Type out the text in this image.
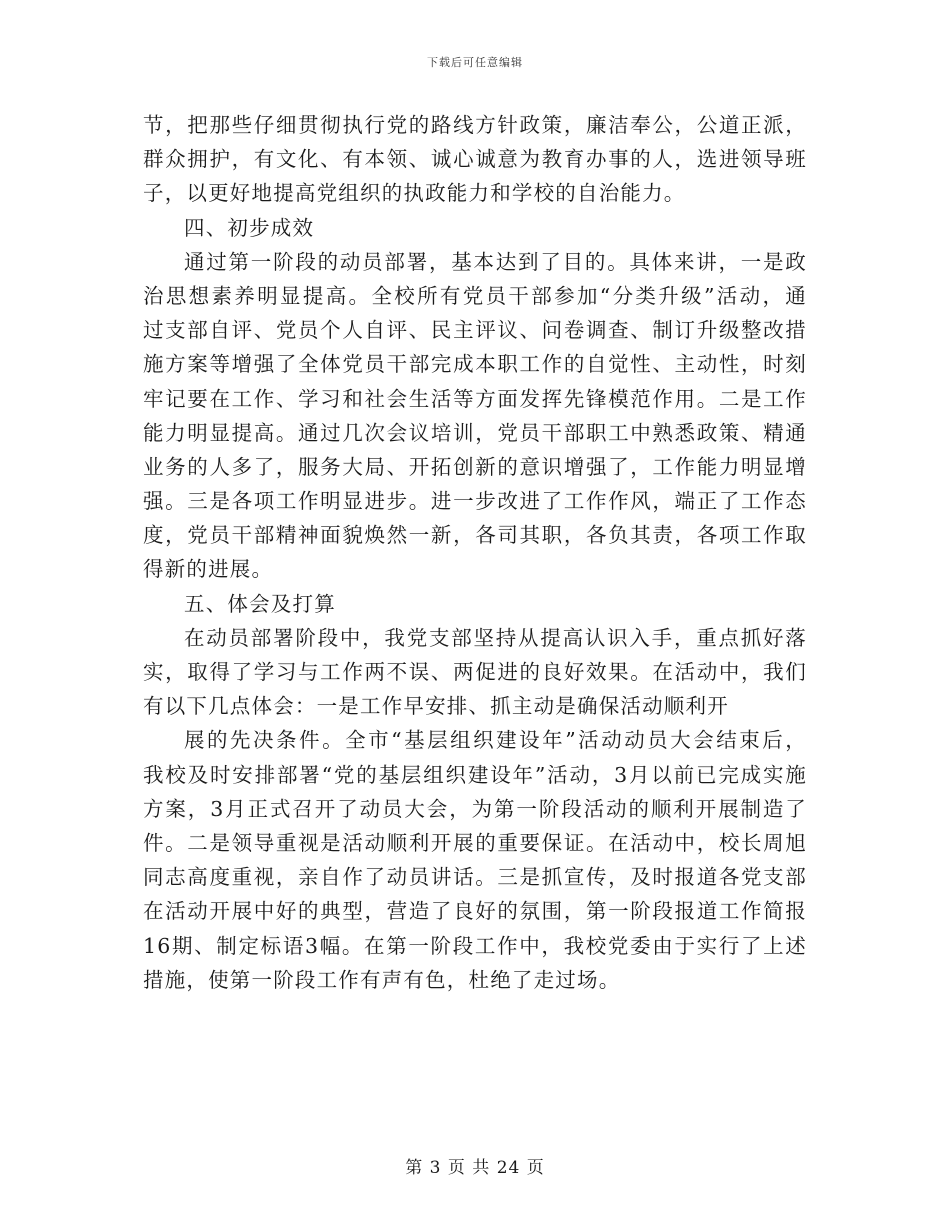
下载后可任意编辑
节，把那些仔细贯彻执行党的路线方针政策，廉洁奉公，公道正派，
群众拥护，有文化、有本领、诚心诚意为教育办事的人，选进领导班
子，以更好地提高党组织的执政能力和学校的自治能力。
四、初步成效
通过第一阶段的动员部署，基本达到了目的。具体来讲，一是政
治思想素养明显提高。全校所有党员干部参加“分类升级”活动，通
过支部自评、党员个人自评、民主评议、问卷调查、制订升级整改措
施方案等增强了全体党员干部完成本职工作的自觉性、主动性，时刻
牢记要在工作、学习和社会生活等方面发挥先锋模范作用。二是工作
能力明显提高。通过几次会议培训，党员干部职工中熟悉政策、精通
业务的人多了，服务大局、开拓创新的意识增强了，工作能力明显增
强。三是各项工作明显进步。进一步改进了工作作风，端正了工作态
度，党员干部精神面貌焕然一新，各司其职，各负其责，各项工作取
得新的进展。
五、体会及打算
在动员部署阶段中，我党支部坚持从提高认识入手，重点抓好落
实，取得了学习与工作两不误、两促进的良好效果。在活动中，我们
有以下几点体会：一是工作早安排、抓主动是确保活动顺利开
展的先决条件。全市“基层组织建设年”活动动员大会结束后，
我校及时安排部署“党的基层组织建设年”活动，3月以前已完成实施
方案，3月正式召开了动员大会，为第一阶段活动的顺利开展制造了
件。二是领导重视是活动顺利开展的重要保证。在活动中，校长周旭
同志高度重视，亲自作了动员讲话。三是抓宣传，及时报道各党支部
在活动开展中好的典型，营造了良好的氛围，第一阶段报道工作简报
16期、制定标语3幅。在第一阶段工作中，我校党委由于实行了上述
措施，使第一阶段工作有声有色，杜绝了走过场。
第 3 页 共 24 页
